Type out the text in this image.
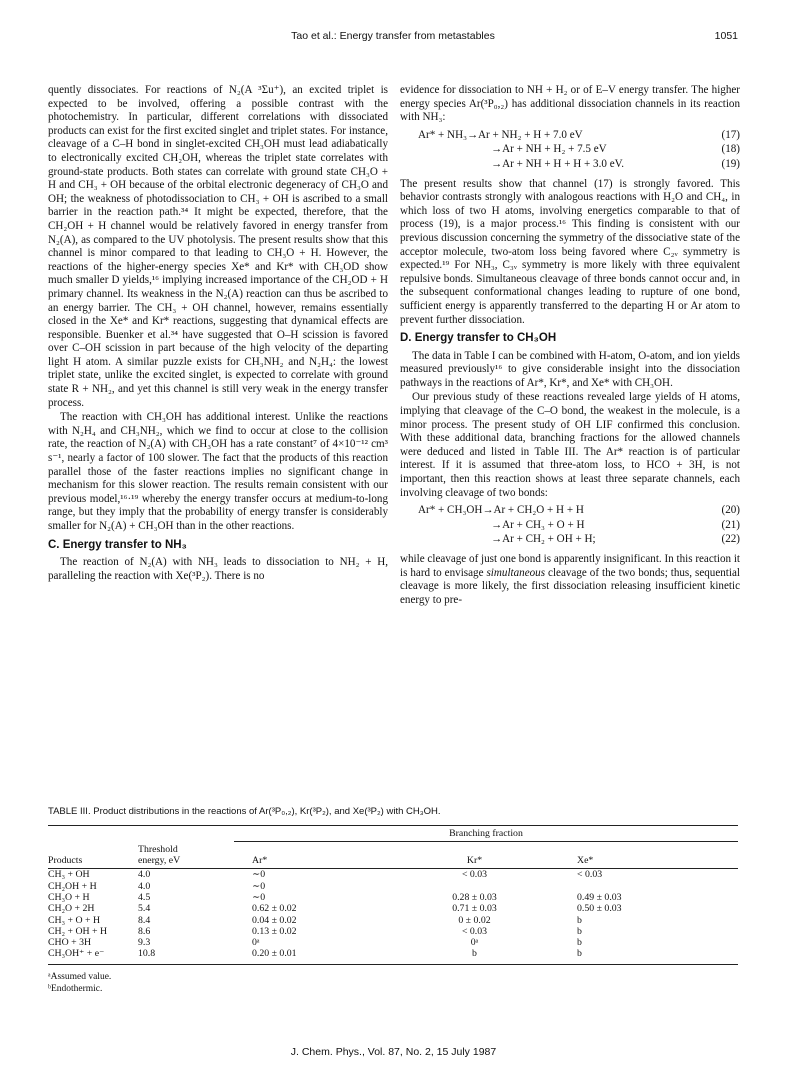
Tao et al.: Energy transfer from metastables	1051

quently dissociates. For reactions of N₂(A ³Σu⁺), an excited triplet is expected to be involved, offering a possible contrast with the photochemistry. In particular, different correlations with dissociated products can exist for the first excited singlet and triplet states. For instance, cleavage of a C–H bond in singlet-excited CH₃OH must lead adiabatically to electronically excited CH₂OH, whereas the triplet state correlates with ground-state products. Both states can correlate with ground state CH₃O + H and CH₃ + OH because of the orbital electronic degeneracy of CH₃O and OH; the weakness of photodissociation to CH₃ + OH is ascribed to a small barrier in the reaction path.³⁴ It might be expected, therefore, that the CH₂OH + H channel would be relatively favored in energy transfer from N₂(A), as compared to the UV photolysis. The present results show that this channel is minor compared to that leading to CH₃O + H. However, the reactions of the higher-energy species Xe* and Kr* with CH₃OD show much smaller D yields,¹⁶ implying increased importance of the CH₂OD + H primary channel. Its weakness in the N₂(A) reaction can thus be ascribed to an energy barrier. The CH₃ + OH channel, however, remains essentially closed in the Xe* and Kr* reactions, suggesting that dynamical effects are responsible. Buenker et al.³⁴ have suggested that O–H scission is favored over C–OH scission in part because of the high velocity of the departing light H atom. A similar puzzle exists for CH₃NH₂ and N₂H₄: the lowest triplet state, unlike the excited singlet, is expected to correlate with ground state R + NH₂, and yet this channel is still very weak in the energy transfer process.

The reaction with CH₃OH has additional interest. Unlike the reactions with N₂H₄ and CH₃NH₂, which we find to occur at close to the collision rate, the reaction of N₂(A) with CH₃OH has a rate constant⁷ of 4×10⁻¹² cm³ s⁻¹, nearly a factor of 100 slower. The fact that the products of this reaction parallel those of the faster reactions implies no significant change in mechanism for this slower reaction. The results remain consistent with our previous model,¹⁶·¹⁹ whereby the energy transfer occurs at medium-to-long range, but they imply that the probability of energy transfer is considerably smaller for N₂(A) + CH₃OH than in the other reactions.

C. Energy transfer to NH₃

The reaction of N₂(A) with NH₃ leads to dissociation to NH₂ + H, paralleling the reaction with Xe(³P₂). There is no

evidence for dissociation to NH + H₂ or of E–V energy transfer. The higher energy species Ar(³P₀,₂) has additional dissociation channels in its reaction with NH₃:

Ar* + NH₃→Ar + NH₂ + H + 7.0 eV	(17)
→Ar + NH + H₂ + 7.5 eV	(18)
→Ar + NH + H + H + 3.0 eV.	(19)

The present results show that channel (17) is strongly favored. This behavior contrasts strongly with analogous reactions with H₂O and CH₄, in which loss of two H atoms, involving energetics comparable to that of process (19), is a major process.¹⁶ This finding is consistent with our previous discussion concerning the symmetry of the dissociative state of the acceptor molecule, two-atom loss being favored where C₂ᵥ symmetry is expected.¹⁹ For NH₃, C₃ᵥ symmetry is more likely with three equivalent repulsive bonds. Simultaneous cleavage of three bonds cannot occur and, in the subsequent conformational changes leading to rupture of one bond, sufficient energy is apparently transferred to the departing H or Ar atom to prevent further dissociation.

D. Energy transfer to CH₃OH

The data in Table I can be combined with H-atom, O-atom, and ion yields measured previously¹⁶ to give considerable insight into the dissociation pathways in the reactions of Ar*, Kr*, and Xe* with CH₃OH.

Our previous study of these reactions revealed large yields of H atoms, implying that cleavage of the C–O bond, the weakest in the molecule, is a minor process. The present study of OH LIF confirmed this conclusion. With these additional data, branching fractions for the allowed channels were deduced and listed in Table III. The Ar* reaction is of particular interest. If it is assumed that three-atom loss, to HCO + 3H, is not important, then this reaction shows at least three separate channels, each involving cleavage of two bonds:

Ar* + CH₃OH→Ar + CH₂O + H + H	(20)
→Ar + CH₃ + O + H	(21)
→Ar + CH₂ + OH + H;	(22)

while cleavage of just one bond is apparently insignificant. In this reaction it is hard to envisage simultaneous cleavage of the two bonds; thus, sequential cleavage is more likely, the first dissociation releasing insufficient kinetic energy to pre-

TABLE III. Product distributions in the reactions of Ar(³P₀,₂), Kr(³P₂), and Xe(³P₂) with CH₃OH.
		Branching fraction		
Products	Threshold
energy, eV	Ar*	Kr*	Xe*
CH₃ + OH	4.0	∼0	< 0.03	< 0.03
CH₂OH + H	4.0	∼0		
CH₃O + H	4.5	∼0	0.28 ± 0.03	0.49 ± 0.03
CH₂O + 2H	5.4	0.62 ± 0.02	0.71 ± 0.03	0.50 ± 0.03
CH₃ + O + H	8.4	0.04 ± 0.02	0 ± 0.02	b
CH₂ + OH + H	8.6	0.13 ± 0.02	< 0.03	b
CHO + 3H	9.3	0ᵃ	0ᵃ	b
CH₃OH⁺ + e⁻	10.8	0.20 ± 0.01	b	b

ᵃAssumed value.
ᵇEndothermic.
J. Chem. Phys., Vol. 87, No. 2, 15 July 1987
